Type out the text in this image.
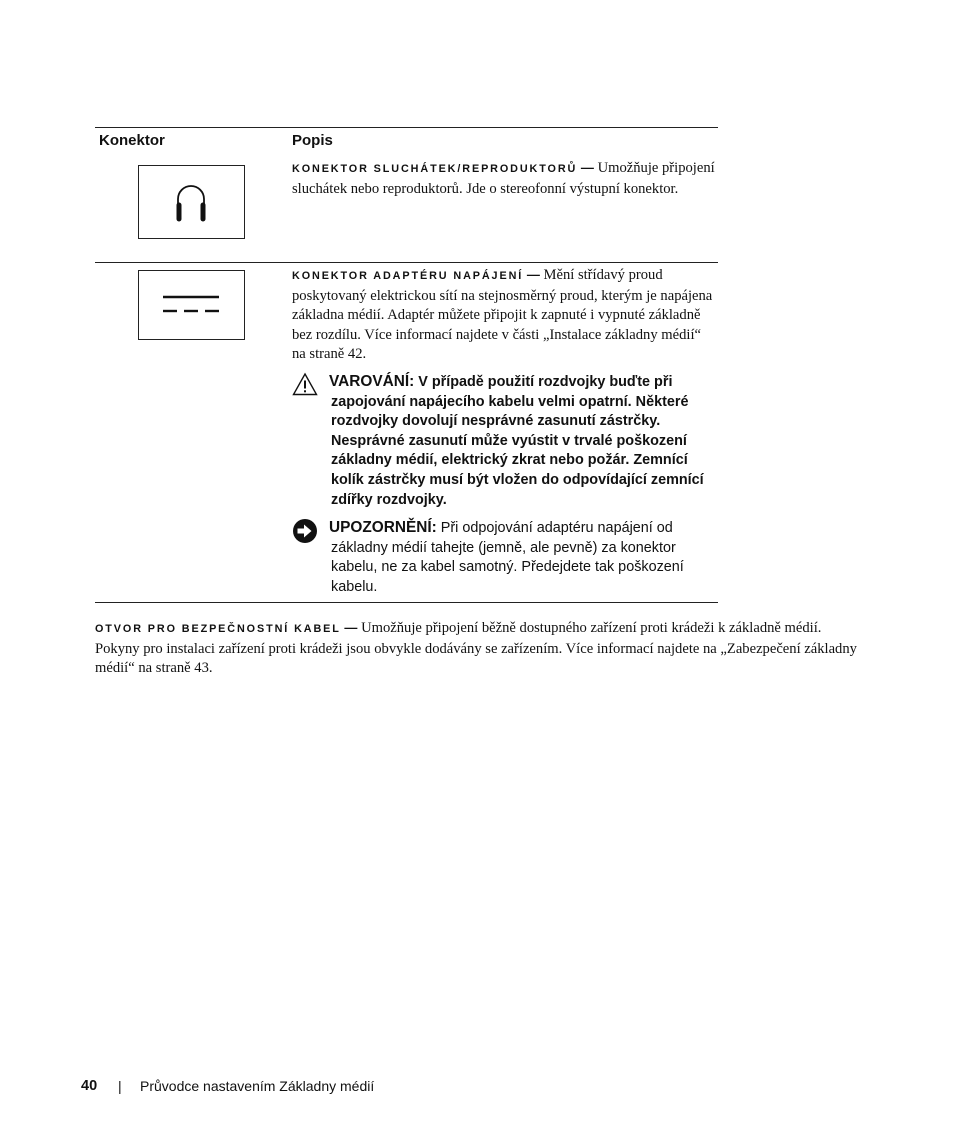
Konektor	Popis
KONEKTOR SLUCHÁTEK/REPRODUKTORŮ — Umožňuje připojení sluchátek nebo reproduktorů. Jde o stereofonní výstupní konektor.
KONEKTOR ADAPTÉRU NAPÁJENÍ — Mění střídavý proud poskytovaný elektrickou sítí na stejnosměrný proud, kterým je napájena základna médií. Adaptér můžete připojit k zapnuté i vypnuté základně bez rozdílu. Více informací najdete v části „Instalace základny médií“ na straně 42.
VAROVÁNÍ: V případě použití rozdvojky buďte při zapojování napájecího kabelu velmi opatrní. Některé rozdvojky dovolují nesprávné zasunutí zástrčky. Nesprávné zasunutí může vyústit v trvalé poškození základny médií, elektrický zkrat nebo požár. Zemnící kolík zástrčky musí být vložen do odpovídající zemnící zdířky rozdvojky.
UPOZORNĚNÍ: Při odpojování adaptéru napájení od základny médií tahejte (jemně, ale pevně) za konektor kabelu, ne za kabel samotný. Předejdete tak poškození kabelu.
OTVOR PRO BEZPEČNOSTNÍ KABEL — Umožňuje připojení běžně dostupného zařízení proti krádeži k základně médií. Pokyny pro instalaci zařízení proti krádeži jsou obvykle dodávány se zařízením. Více informací najdete na „Zabezpečení základny médií“ na straně 43.
40 | Průvodce nastavením Základny médií
